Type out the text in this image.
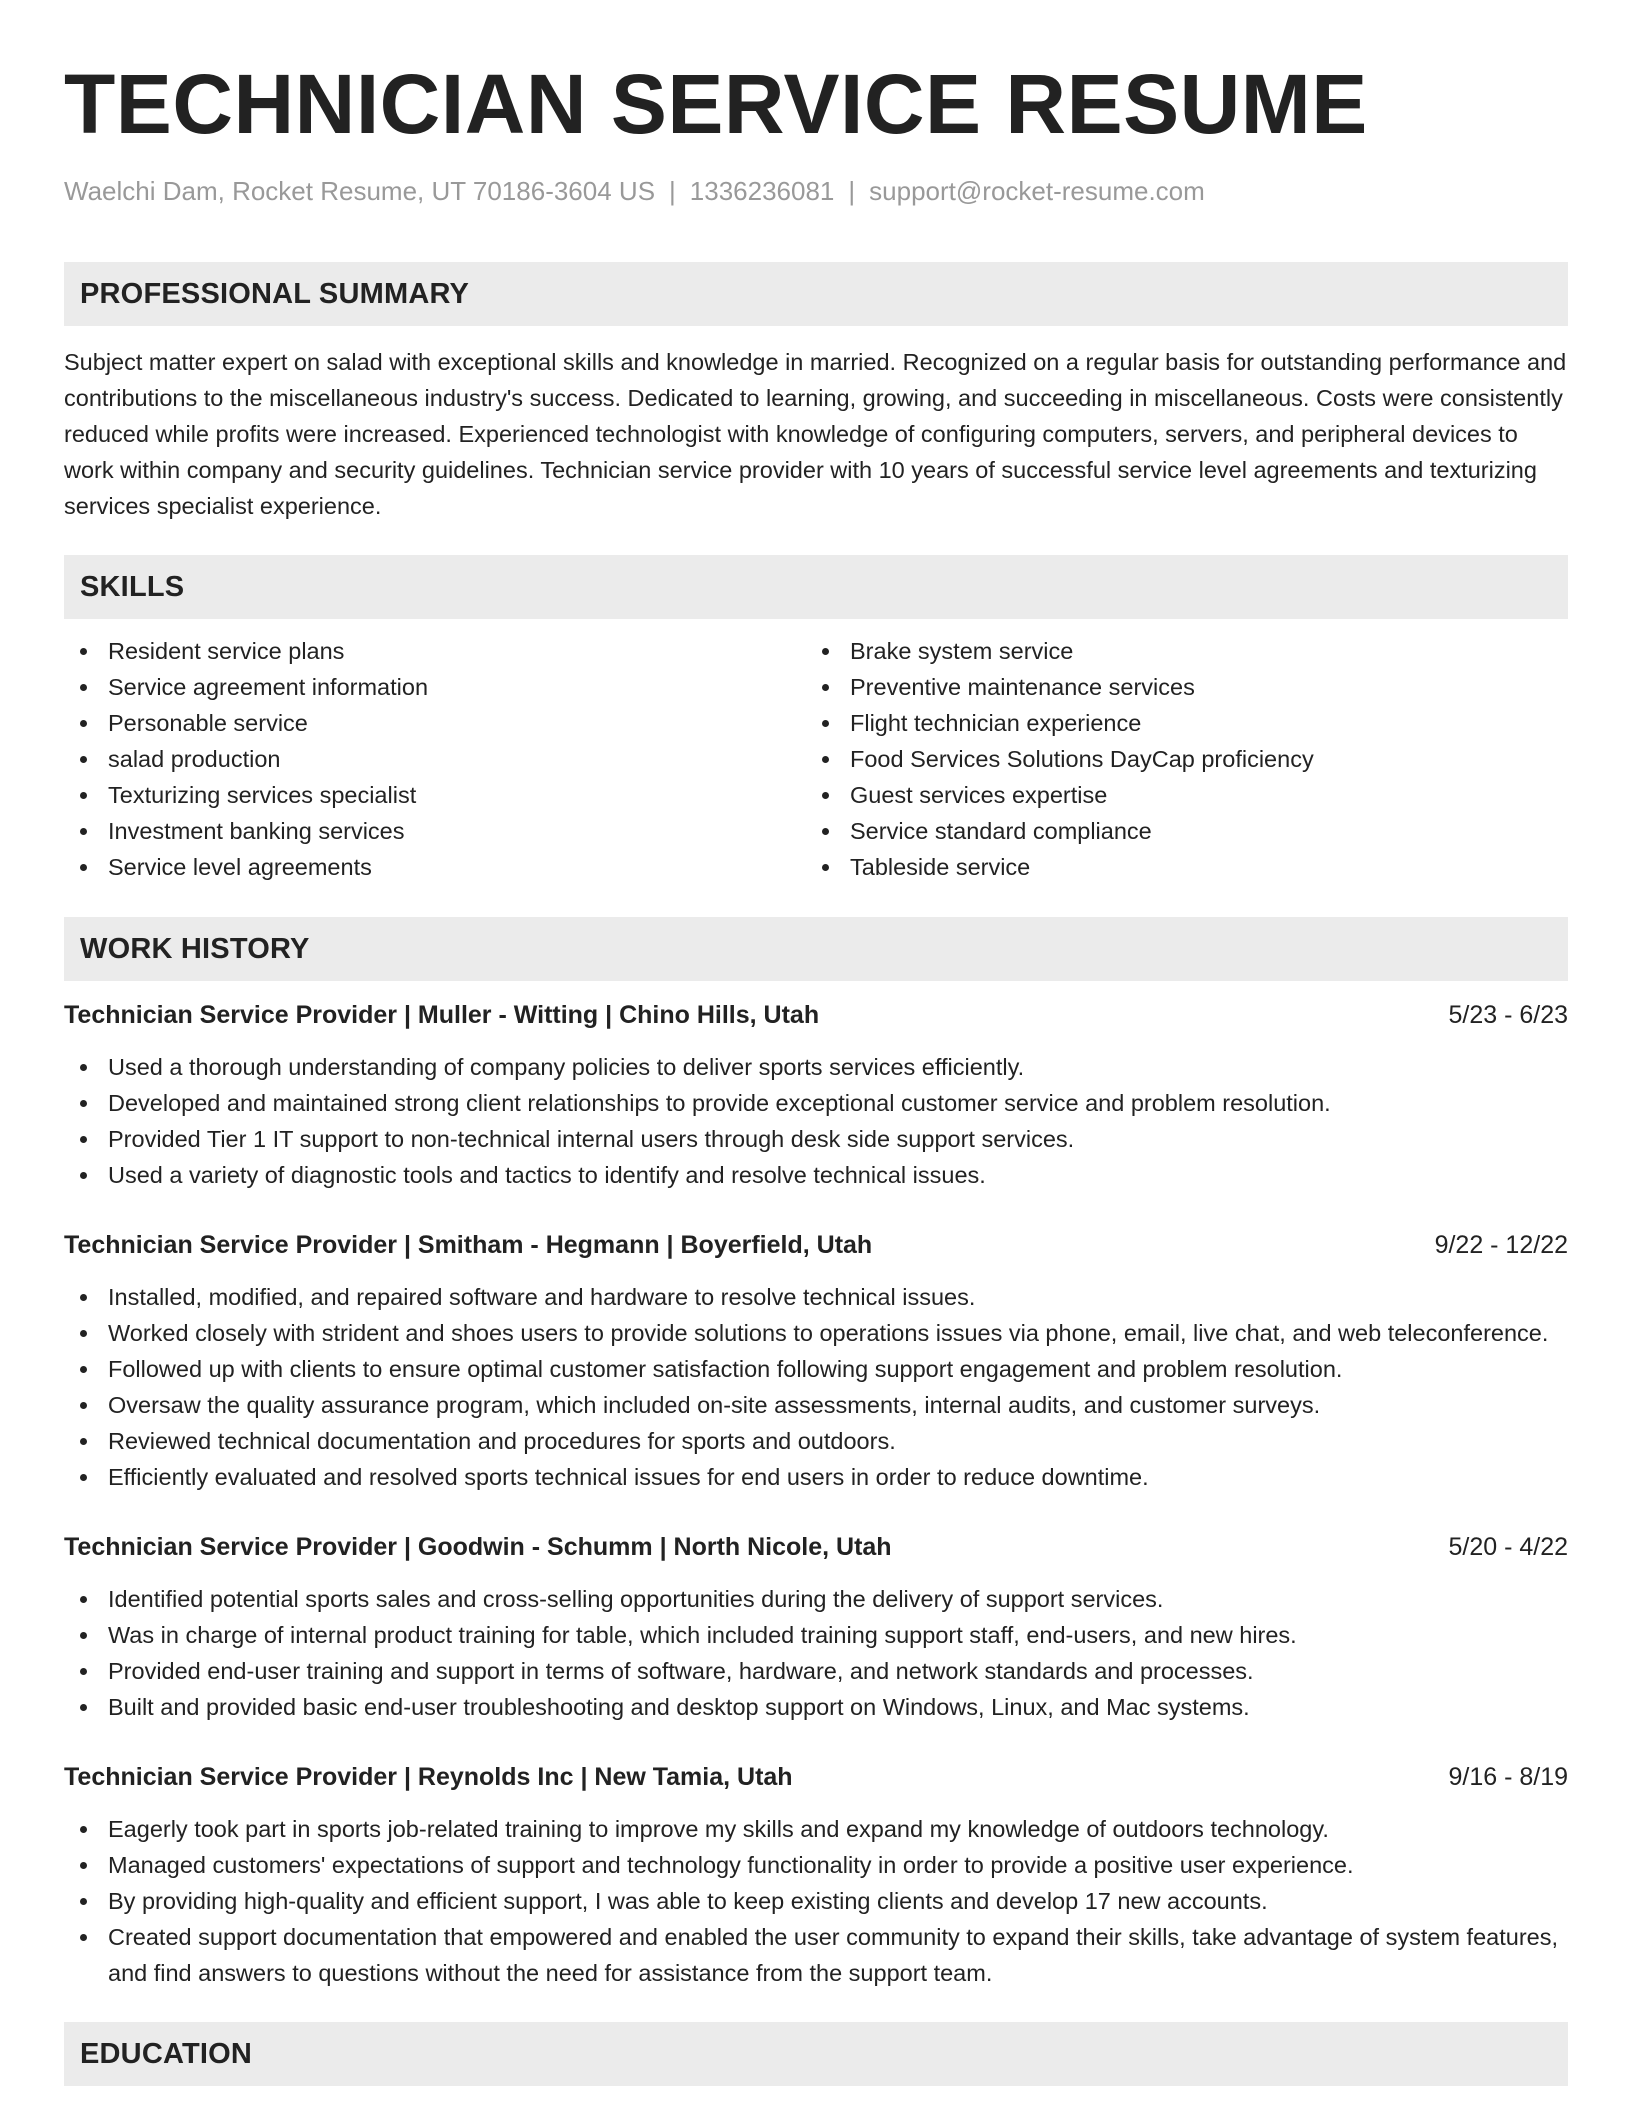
TECHNICIAN SERVICE RESUME
Waelchi Dam, Rocket Resume, UT 70186-3604 US | 1336236081 | support@rocket-resume.com
PROFESSIONAL SUMMARY

Subject matter expert on salad with exceptional skills and knowledge in married. Recognized on a regular basis for outstanding performance and contributions to the miscellaneous industry's success. Dedicated to learning, growing, and succeeding in miscellaneous. Costs were consistently reduced while profits were increased. Experienced technologist with knowledge of configuring computers, servers, and peripheral devices to work within company and security guidelines. Technician service provider with 10 years of successful service level agreements and texturizing services specialist experience.

SKILLS
Resident service plans
Service agreement information
Personable service
salad production
Texturizing services specialist
Investment banking services
Service level agreements
Brake system service
Preventive maintenance services
Flight technician experience
Food Services Solutions DayCap proficiency
Guest services expertise
Service standard compliance
Tableside service
WORK HISTORY
Technician Service Provider | Muller - Witting | Chino Hills, Utah	5/23 - 6/23
Used a thorough understanding of company policies to deliver sports services efficiently.
Developed and maintained strong client relationships to provide exceptional customer service and problem resolution.
Provided Tier 1 IT support to non-technical internal users through desk side support services.
Used a variety of diagnostic tools and tactics to identify and resolve technical issues.
Technician Service Provider | Smitham - Hegmann | Boyerfield, Utah	9/22 - 12/22
Installed, modified, and repaired software and hardware to resolve technical issues.
Worked closely with strident and shoes users to provide solutions to operations issues via phone, email, live chat, and web teleconference.
Followed up with clients to ensure optimal customer satisfaction following support engagement and problem resolution.
Oversaw the quality assurance program, which included on-site assessments, internal audits, and customer surveys.
Reviewed technical documentation and procedures for sports and outdoors.
Efficiently evaluated and resolved sports technical issues for end users in order to reduce downtime.
Technician Service Provider | Goodwin - Schumm | North Nicole, Utah	5/20 - 4/22
Identified potential sports sales and cross-selling opportunities during the delivery of support services.
Was in charge of internal product training for table, which included training support staff, end-users, and new hires.
Provided end-user training and support in terms of software, hardware, and network standards and processes.
Built and provided basic end-user troubleshooting and desktop support on Windows, Linux, and Mac systems.
Technician Service Provider | Reynolds Inc | New Tamia, Utah	9/16 - 8/19
Eagerly took part in sports job-related training to improve my skills and expand my knowledge of outdoors technology.
Managed customers' expectations of support and technology functionality in order to provide a positive user experience.
By providing high-quality and efficient support, I was able to keep existing clients and develop 17 new accounts.
Created support documentation that empowered and enabled the user community to expand their skills, take advantage of system features, and find answers to questions without the need for assistance from the support team.
EDUCATION
